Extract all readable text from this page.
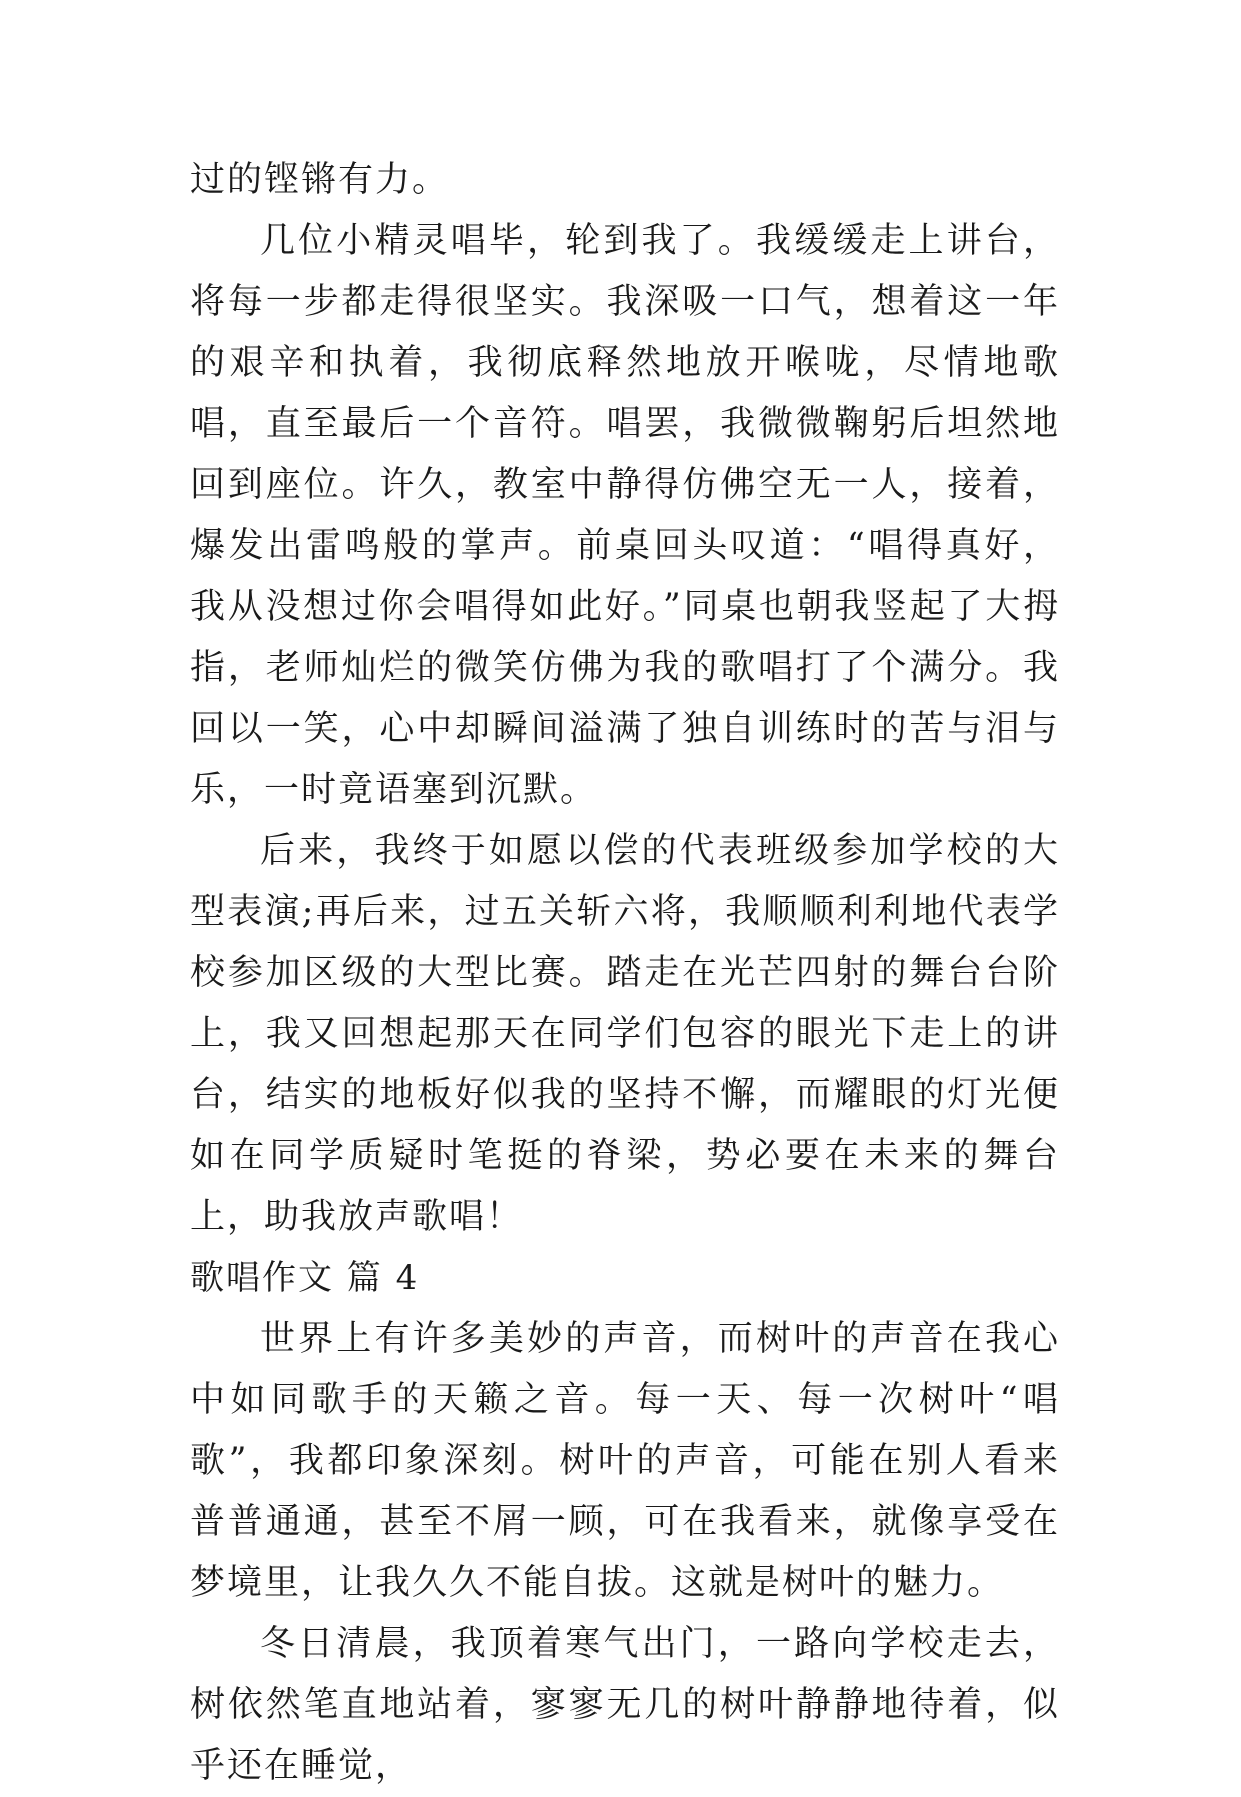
过的铿锵有力。

几位小精灵唱毕，轮到我了。我缓缓走上讲台，将每一步都走得很坚实。我深吸一口气，想着这一年的艰辛和执着，我彻底释然地放开喉咙，尽情地歌唱，直至最后一个音符。唱罢，我微微鞠躬后坦然地回到座位。许久，教室中静得仿佛空无一人，接着，爆发出雷鸣般的掌声。前桌回头叹道：“唱得真好，我从没想过你会唱得如此好。”同桌也朝我竖起了大拇指，老师灿烂的微笑仿佛为我的歌唱打了个满分。我回以一笑，心中却瞬间溢满了独自训练时的苦与泪与乐，一时竟语塞到沉默。

后来，我终于如愿以偿的代表班级参加学校的大型表演;再后来，过五关斩六将，我顺顺利利地代表学校参加区级的大型比赛。踏走在光芒四射的舞台台阶上，我又回想起那天在同学们包容的眼光下走上的讲台，结实的地板好似我的坚持不懈，而耀眼的灯光便如在同学质疑时笔挺的脊梁，势必要在未来的舞台上，助我放声歌唱！

歌唱作文 篇 4

世界上有许多美妙的声音，而树叶的声音在我心中如同歌手的天籁之音。每一天、每一次树叶“唱歌”，我都印象深刻。树叶的声音，可能在别人看来普普通通，甚至不屑一顾，可在我看来，就像享受在梦境里，让我久久不能自拔。这就是树叶的魅力。

冬日清晨，我顶着寒气出门，一路向学校走去，树依然笔直地站着，寥寥无几的树叶静静地待着，似乎还在睡觉，
